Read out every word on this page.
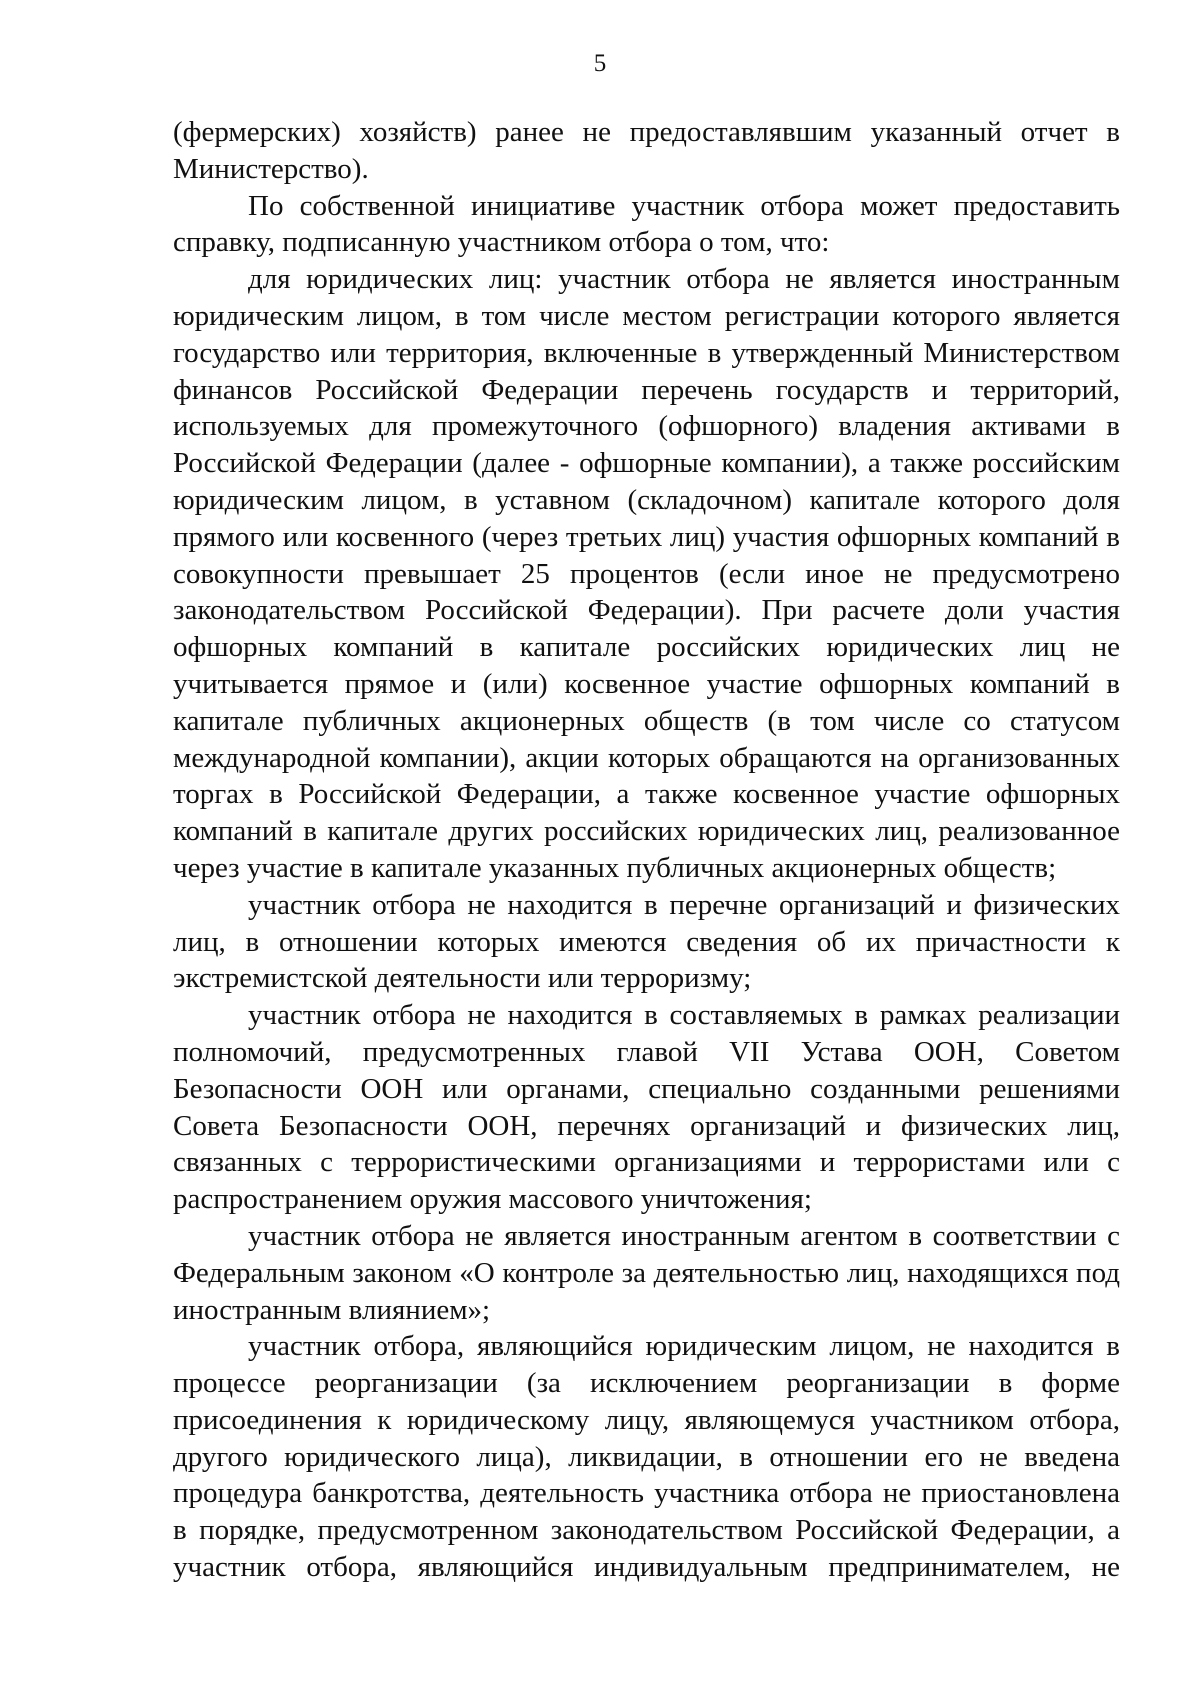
5

(фермерских) хозяйств) ранее не предоставлявшим указанный отчет в Министерство).

По собственной инициативе участник отбора может предоставить справку, подписанную участником отбора о том, что:

для юридических лиц: участник отбора не является иностранным юридическим лицом, в том числе местом регистрации которого является государство или территория, включенные в утвержденный Министерством финансов Российской Федерации перечень государств и территорий, используемых для промежуточного (офшорного) владения активами в Российской Федерации (далее - офшорные компании), а также российским юридическим лицом, в уставном (складочном) капитале которого доля прямого или косвенного (через третьих лиц) участия офшорных компаний в совокупности превышает 25 процентов (если иное не предусмотрено законодательством Российской Федерации). При расчете доли участия офшорных компаний в капитале российских юридических лиц не учитывается прямое и (или) косвенное участие офшорных компаний в капитале публичных акционерных обществ (в том числе со статусом международной компании), акции которых обращаются на организованных торгах в Российской Федерации, а также косвенное участие офшорных компаний в капитале других российских юридических лиц, реализованное через участие в капитале указанных публичных акционерных обществ;

участник отбора не находится в перечне организаций и физических лиц, в отношении которых имеются сведения об их причастности к экстремистской деятельности или терроризму;

участник отбора не находится в составляемых в рамках реализации полномочий, предусмотренных главой VII Устава ООН, Советом Безопасности ООН или органами, специально созданными решениями Совета Безопасности ООН, перечнях организаций и физических лиц, связанных с террористическими организациями и террористами или с распространением оружия массового уничтожения;

участник отбора не является иностранным агентом в соответствии с Федеральным законом «О контроле за деятельностью лиц, находящихся под иностранным влиянием»;

участник отбора, являющийся юридическим лицом, не находится в процессе реорганизации (за исключением реорганизации в форме присоединения к юридическому лицу, являющемуся участником отбора, другого юридического лица), ликвидации, в отношении его не введена процедура банкротства, деятельность участника отбора не приостановлена в порядке, предусмотренном законодательством Российской Федерации, а участник отбора, являющийся индивидуальным предпринимателем, не
